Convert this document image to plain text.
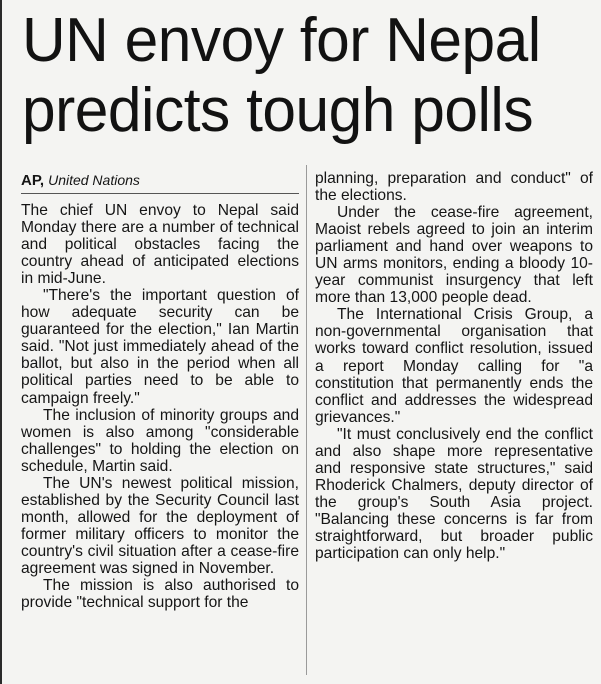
UN envoy for Nepal predicts tough polls
AP, United Nations

The chief UN envoy to Nepal said Monday there are a number of technical and political obstacles facing the country ahead of anticipated elections in mid-June.

"There's the important question of how adequate security can be guaranteed for the election," Ian Martin said. "Not just immediately ahead of the ballot, but also in the period when all political parties need to be able to campaign freely."

The inclusion of minority groups and women is also among "considerable challenges" to holding the election on schedule, Martin said.

The UN's newest political mission, established by the Security Council last month, allowed for the deployment of former military officers to monitor the country's civil situation after a cease-fire agreement was signed in November.

The mission is also authorised to provide "technical support for the

planning, preparation and conduct" of the elections.

Under the cease-fire agreement, Maoist rebels agreed to join an interim parliament and hand over weapons to UN arms monitors, ending a bloody 10-year communist insurgency that left more than 13,000 people dead.

The International Crisis Group, a non-governmental organisation that works toward conflict resolution, issued a report Monday calling for "a constitution that permanently ends the conflict and addresses the widespread grievances."

"It must conclusively end the conflict and also shape more representative and responsive state structures," said Rhoderick Chalmers, deputy director of the group's South Asia project. "Balancing these concerns is far from straightforward, but broader public participation can only help."
